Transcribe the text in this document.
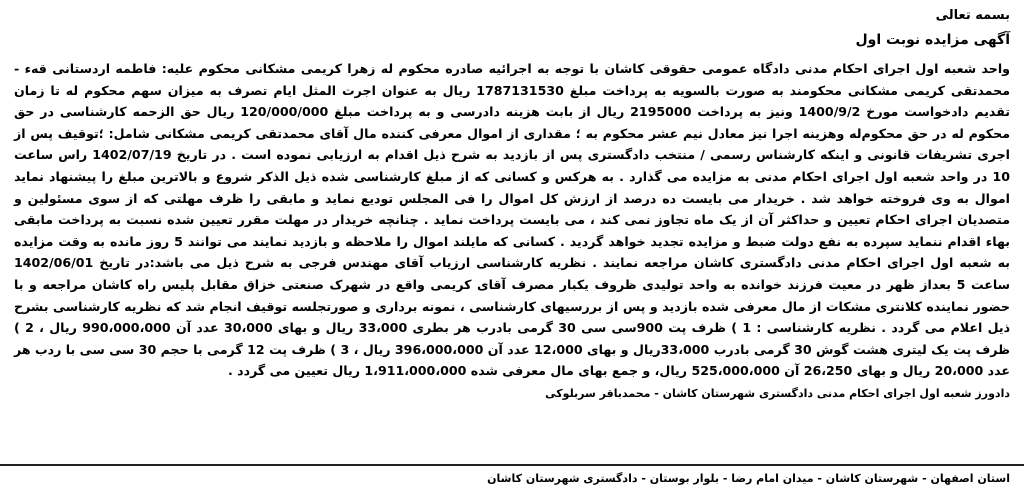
بسمه تعالی
آگهی مزایده نوبت اول
واحد شعبه اول اجرای احکام مدنی دادگاه عمومی حقوقی کاشان با توجه به اجرائیه صادره محکوم له زهرا کریمی مشکانی محکوم علیه: فاطمه اردستانی قهء - محمدتقی کریمی مشکانی محکومند به صورت بالسویه به پرداخت مبلغ 1787131530 ریال به عنوان اجرت المثل ایام تصرف به میزان سهم محکوم له تا زمان تقدیم دادخواست مورخ 1400/9/2 ونیز به پرداخت 2195000 ریال از بابت هزینه دادرسی و به پرداخت مبلغ 120/000/000 ریال حق الزحمه کارشناسی در حق محکوم له در حق محکوم‌له وهزینه اجرا نیز معادل نیم عشر محکوم به ؛ مقداری از اموال معرفی کننده مال آقای محمدتقی کریمی مشکانی شامل: ؛توقیف پس از اجری تشریفات قانونی و اینکه کارشناس رسمی / منتخب دادگستری پس از بازدید به شرح ذیل اقدام به ارزیابی نموده است . در تاریخ 1402/07/19 راس ساعت 10 در واحد شعبه اول اجرای احکام مدنی به مزایده می گذارد . به هرکس و کسانی که از مبلغ کارشناسی شده ذیل الذکر شروع و بالاترین مبلغ را پیشنهاد نماید اموال به وی فروخته خواهد شد . خریدار می بایست ده درصد از ارزش کل اموال را فی المجلس تودیع نماید و مابقی را ظرف مهلتی که از سوی مسئولین و متصدیان اجرای احکام تعیین و حداکثر آن از یک ماه تجاوز نمی کند ، می بایست پرداخت نماید . چنانچه خریدار در مهلت مقرر تعیین شده نسبت به پرداخت مابقی بهاء اقدام ننماید سپرده به نفع دولت ضبط و مزایده تجدید خواهد گردید . کسانی که مایلند اموال را ملاحظه و بازدید نمایند می توانند 5 روز مانده به وقت مزایده به شعبه اول اجرای احکام مدنی دادگستری کاشان مراجعه نمایند . نظریه کارشناسی ارزیاب آقای مهندس فرجی به شرح ذیل می باشد:در تاریخ 1402/06/01 ساعت 5 بعداز ظهر در معیت فرزند خوانده به واحد تولیدی ظروف یکبار مصرف آقای کریمی واقع در شهرک صنعتی خزاق مقابل پلیس راه کاشان مراجعه و با حضور نماینده کلانتری مشکات از مال معرفی شده بازدید و پس از بررسیهای کارشناسی ، نمونه برداری و صورتجلسه توقیف انجام شد که نظریه کارشناسی بشرح ذیل اعلام می گردد . نظریه کارشناسی : 1 ) ظرف پت 900سی سی 30 گرمی بادرب هر بطری 33،000 ریال و بهای 30،000 عدد آن 990،000،000 ریال ، 2 ) ظرف پت یک لیتری هشت گوش 30 گرمی بادرب 33،000ریال و بهای 12،000 عدد آن 396،000،000 ریال ، 3 ) ظرف پت 12 گرمی با حجم 30 سی سی با ردب هر عدد 20،000 ریال و بهای 26،250 آن 525،000،000 ریال، و جمع بهای مال معرفی شده 1،911،000،000 ریال تعیین می گردد .
دادورز شعبه اول اجرای احکام مدنی دادگستری شهرستان کاشان - محمدباقر سربلوکی
استان اصفهان - شهرستان کاشان - میدان امام رضا - بلوار بوستان - دادگستری شهرستان کاشان
